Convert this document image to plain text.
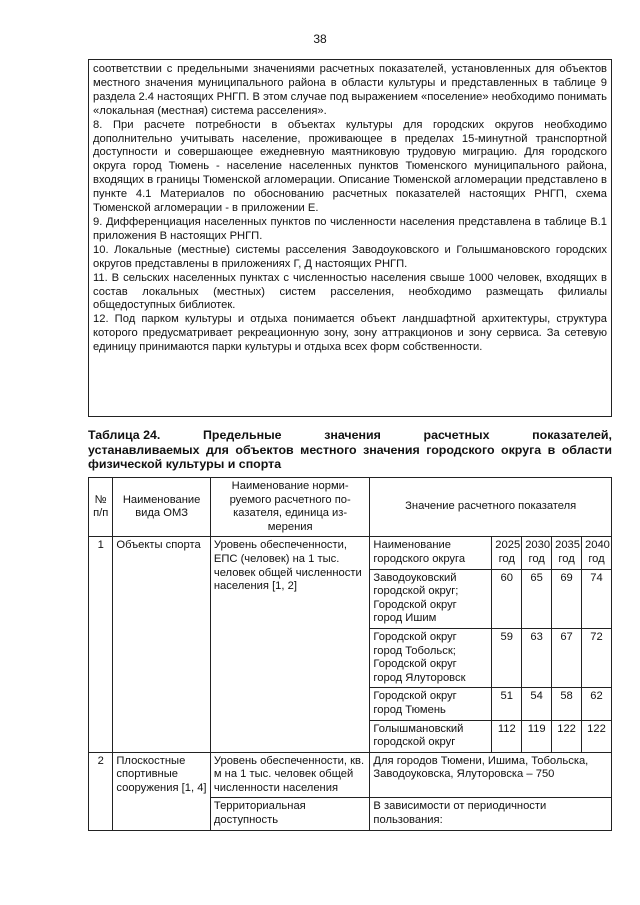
38

соответствии с предельными значениями расчетных показателей, установленных для объектов местного значения муниципального района в области культуры и представленных в таблице 9 раздела 2.4 настоящих РНГП. В этом случае под выражением «поселение» необходимо понимать «локальная (местная) система расселения».

8. При расчете потребности в объектах культуры для городских округов необходимо дополнительно учитывать население, проживающее в пределах 15-минутной транспортной доступности и совершающее ежедневную маятниковую трудовую миграцию. Для городского округа город Тюмень - население населенных пунктов Тюменского муниципального района, входящих в границы Тюменской агломерации. Описание Тюменской агломерации представлено в пункте 4.1 Материалов по обоснованию расчетных показателей настоящих РНГП, схема Тюменской агломерации - в приложении Е.

9. Дифференциация населенных пунктов по численности населения представлена в таблице В.1 приложения В настоящих РНГП.

10. Локальные (местные) системы расселения Заводоуковского и Голышмановского городских округов представлены в приложениях Г, Д настоящих РНГП.

11. В сельских населенных пунктах с численностью населения свыше 1000 человек, входящих в состав локальных (местных) систем расселения, необходимо размещать филиалы общедоступных библиотек.

12. Под парком культуры и отдыха понимается объект ландшафтной архитектуры, структура которого предусматривает рекреационную зону, зону аттракционов и зону сервиса. За сетевую единицу принимаются парки культуры и отдыха всех форм собственности.

Таблица 24.	Предельные	значения	расчетных	показателей,
устанавливаемых для объектов местного значения городского округа в области физической культуры и спорта
№ п/п	Наименование вида ОМЗ	Наименование норми-руемого расчетного по-казателя, единица из-мерения	Значение расчетного показателя				
1	Объекты спорта	Уровень обеспеченности, ЕПС (человек) на 1 тыс. человек общей численности населения [1, 2]	Наименование городского округа	2025 год	2030 год	2035 год	2040 год
			Заводоуковский городской округ; Городской округ город Ишим	60	65	69	74
			Городской округ город Тобольск; Городской округ город Ялуторовск	59	63	67	72
			Городской округ город Тюмень	51	54	58	62
			Голышмановский городской округ	112	119	122	122
2	Плоскостные спортивные сооружения [1, 4]	Уровень обеспеченности, кв. м на 1 тыс. человек общей численности населения	Для городов Тюмени, Ишима, Тобольска, Заводоуковска, Ялуторовска – 750				
		Территориальная доступность	В зависимости от периодичности пользования:				
